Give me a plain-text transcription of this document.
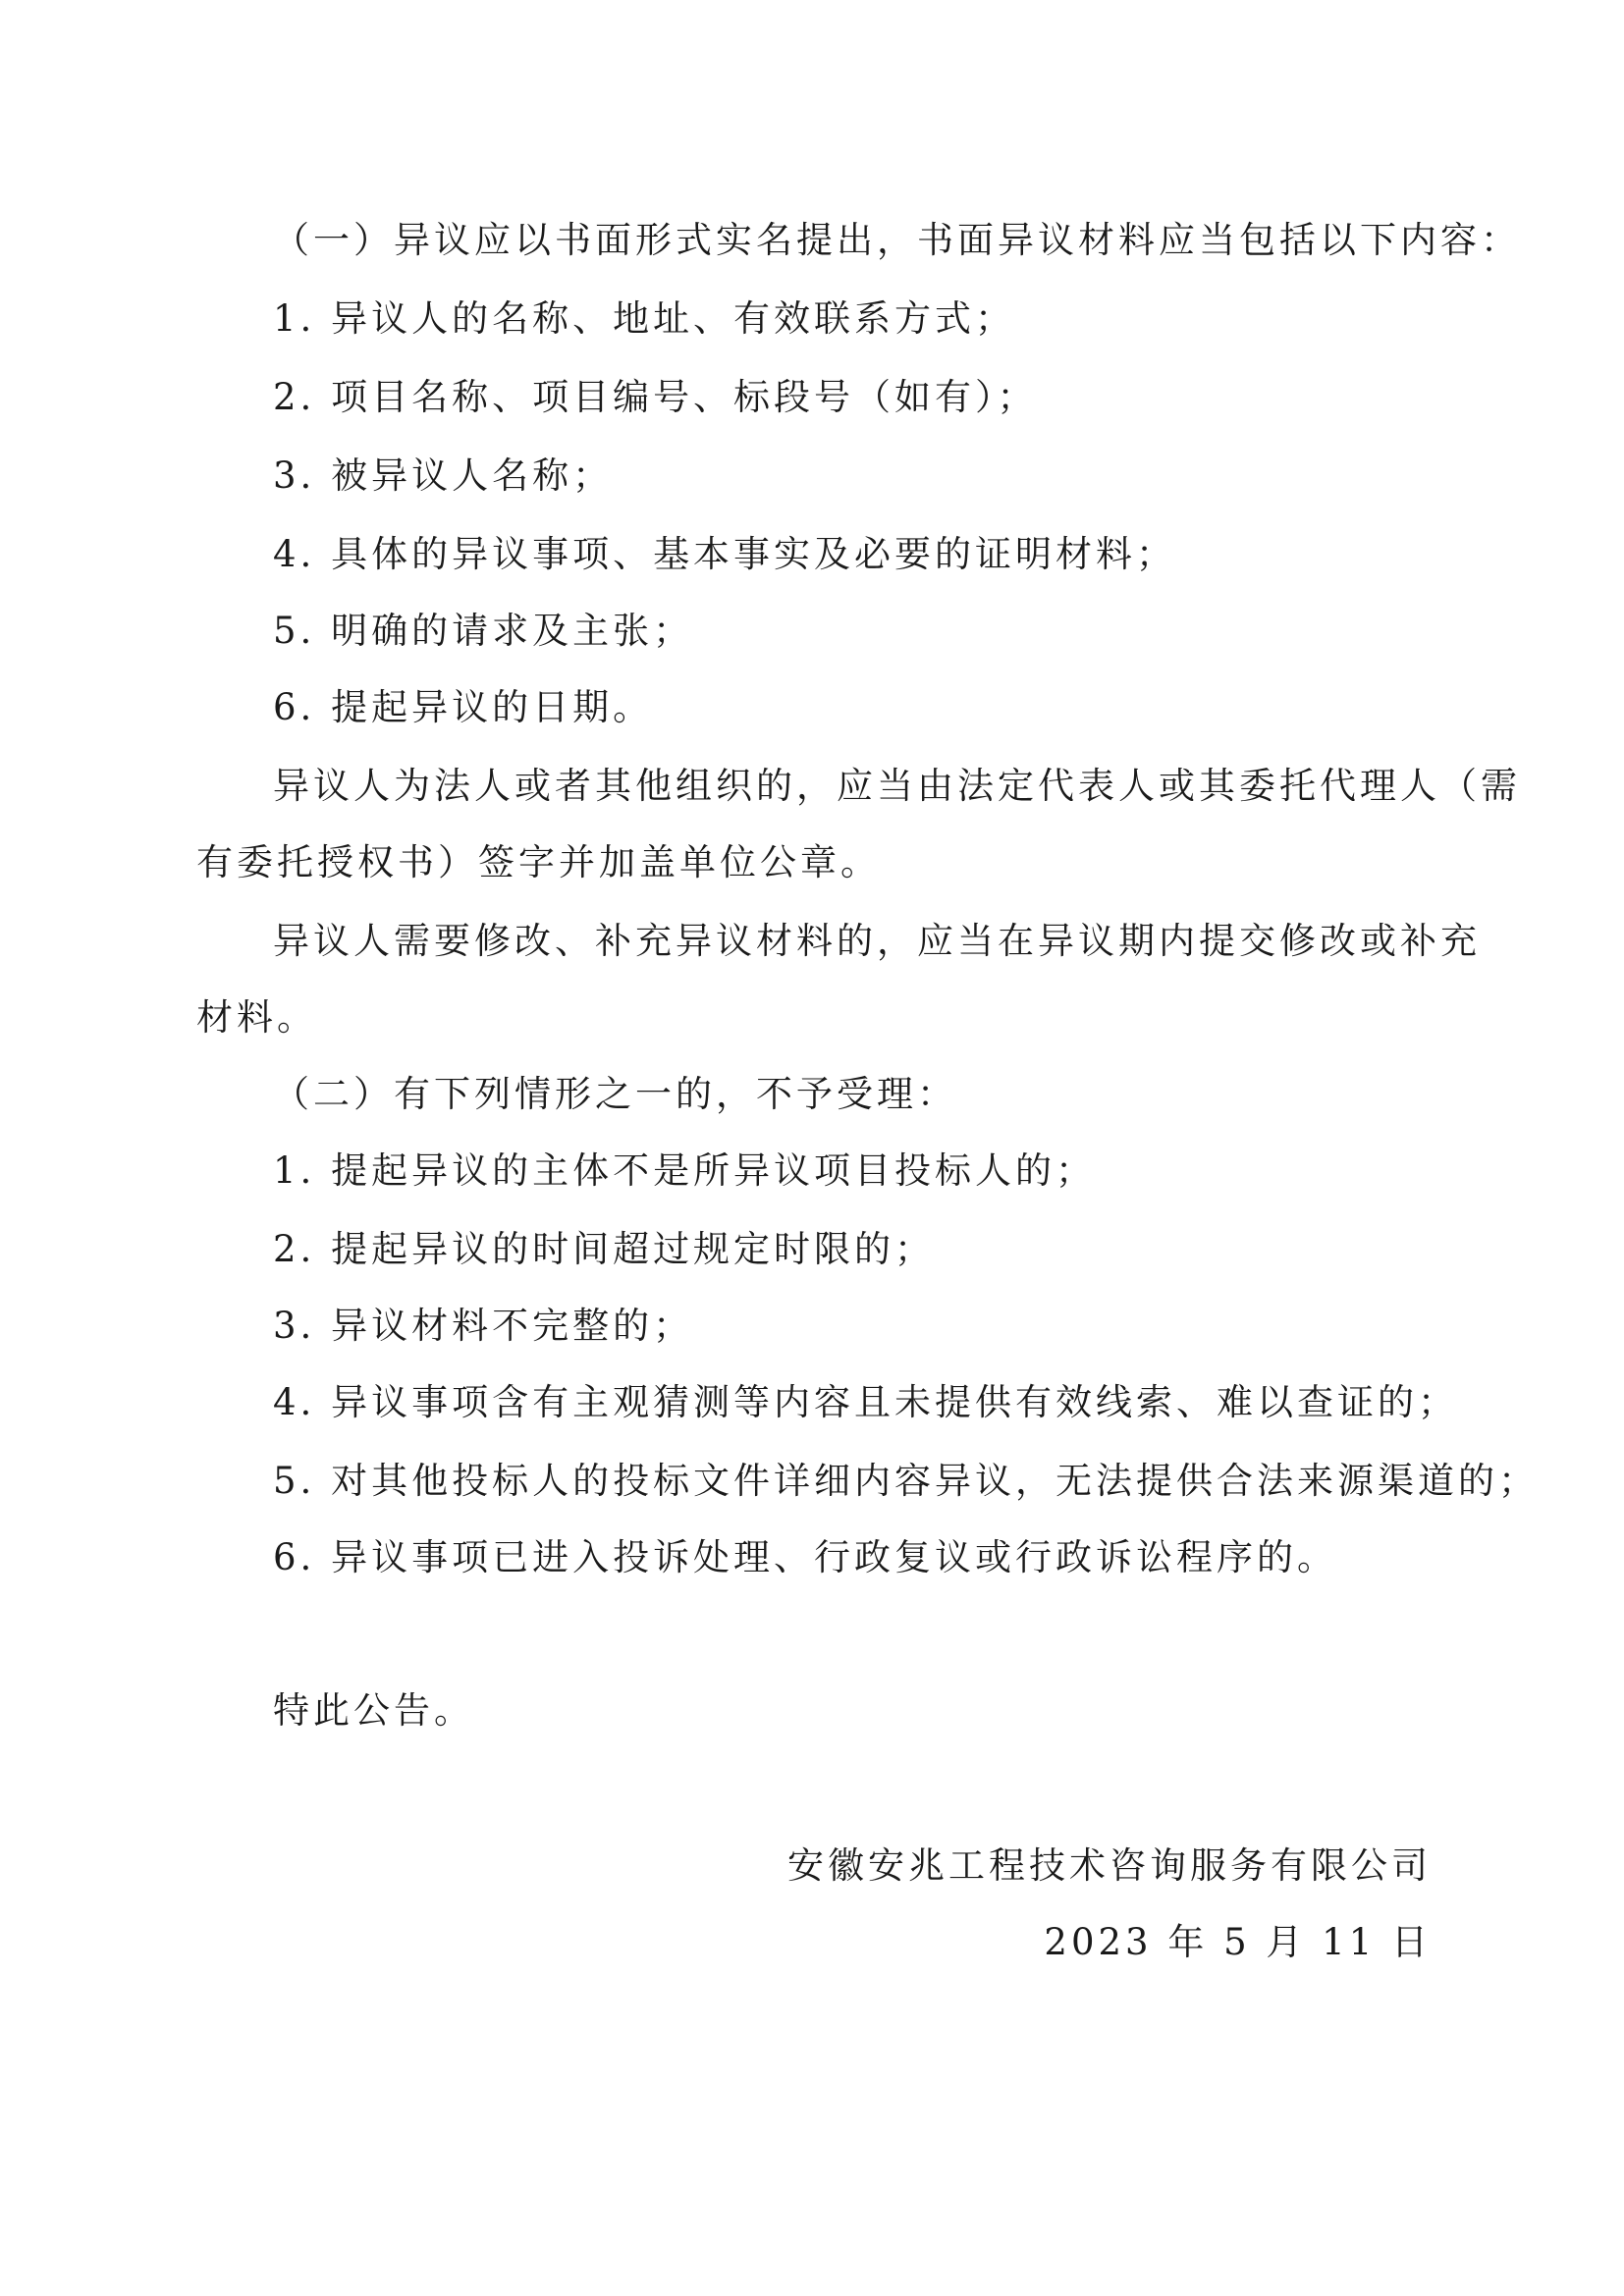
（一）异议应以书面形式实名提出，书面异议材料应当包括以下内容：
1. 异议人的名称、地址、有效联系方式；
2. 项目名称、项目编号、标段号（如有）；
3. 被异议人名称；
4. 具体的异议事项、基本事实及必要的证明材料；
5. 明确的请求及主张；
6. 提起异议的日期。
异议人为法人或者其他组织的，应当由法定代表人或其委托代理人（需
有委托授权书）签字并加盖单位公章。
异议人需要修改、补充异议材料的，应当在异议期内提交修改或补充
材料。
（二）有下列情形之一的，不予受理：
1. 提起异议的主体不是所异议项目投标人的；
2. 提起异议的时间超过规定时限的；
3. 异议材料不完整的；
4. 异议事项含有主观猜测等内容且未提供有效线索、难以查证的；
5. 对其他投标人的投标文件详细内容异议，无法提供合法来源渠道的；
6. 异议事项已进入投诉处理、行政复议或行政诉讼程序的。
特此公告。
安徽安兆工程技术咨询服务有限公司
2023 年 5 月 11 日
